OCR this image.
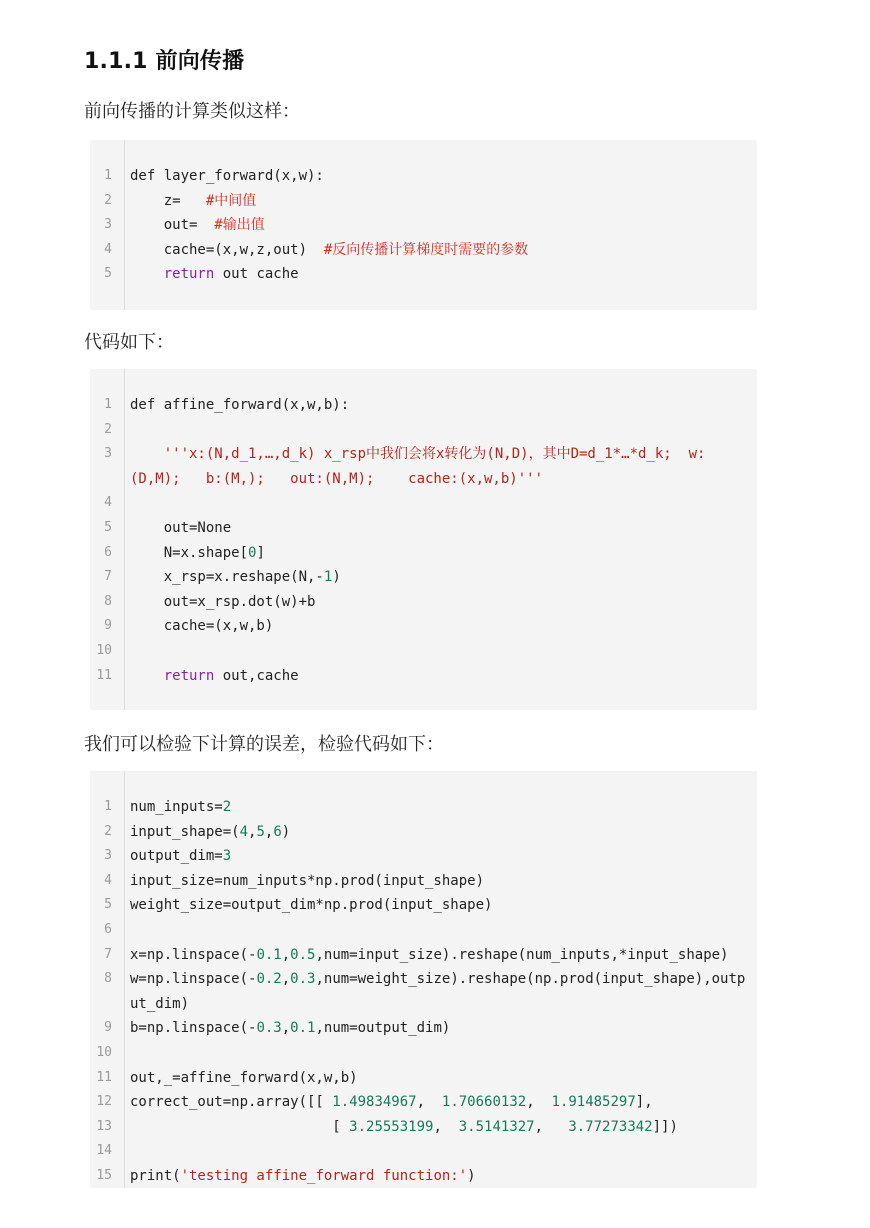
1.1.1 前向传播
前向传播的计算类似这样：
1 def layer_forward(x,w):
2 z=   #中间值
3 out=  #输出值
4 cache=(x,w,z,out)  #反向传播计算梯度时需要的参数
5	return out cache
代码如下：
1 def affine_forward(x,w,b):
2
3 '''x:(N,d_1,…,d_k) x_rsp中我们会将x转化为(N,D)，其中D=d_1*…*d_k;  w:
(D,M);   b:(M,);   out:(N,M);    cache:(x,w,b)'''
4
5 out=None
6 N=x.shape[0]
7 x_rsp=x.reshape(N,-1)
8 out=x_rsp.dot(w)+b
9 cache=(x,w,b)
10
11	return out,cache
我们可以检验下计算的误差，检验代码如下：
1 num_inputs=2
2 input_shape=(4,5,6)
3 output_dim=3
4 input_size=num_inputs*np.prod(input_shape)
5 weight_size=output_dim*np.prod(input_shape)
6
7 x=np.linspace(-0.1,0.5,num=input_size).reshape(num_inputs,*input_shape)
8 w=np.linspace(-0.2,0.3,num=weight_size).reshape(np.prod(input_shape),outp
ut_dim)
9 b=np.linspace(-0.3,0.1,num=output_dim)
10
11 out,_=affine_forward(x,w,b)
12 correct_out=np.array([[ 1.49834967,  1.70660132,  1.91485297],
13 [ 3.25553199,  3.5141327,   3.77273342]])
14
15 print('testing affine_forward function:')
